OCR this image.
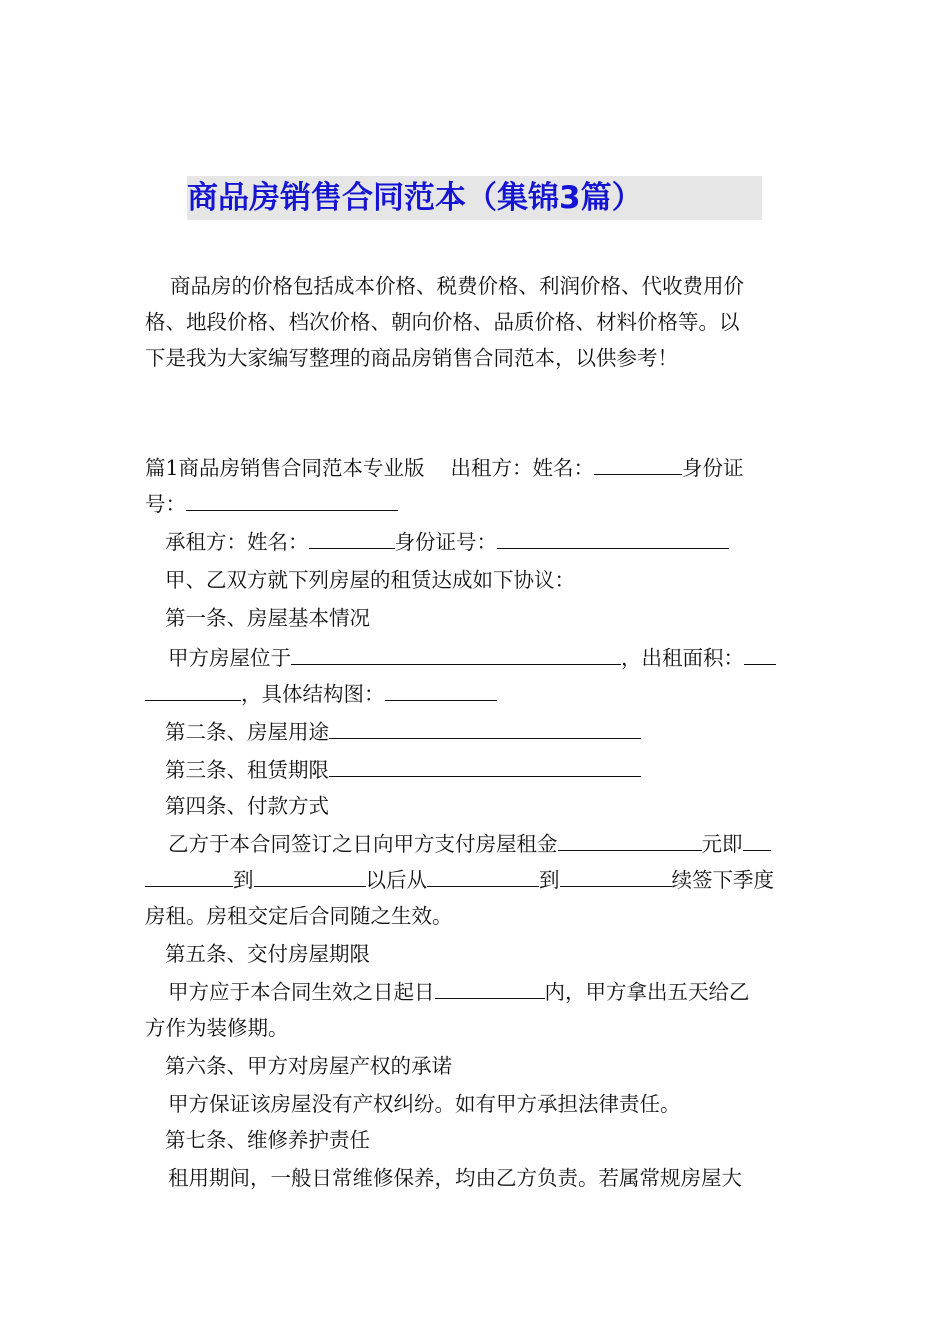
商品房销售合同范本（集锦3篇）
商品房的价格包括成本价格、税费价格、利润价格、代收费用价
格、地段价格、档次价格、朝向价格、品质价格、材料价格等。以
下是我为大家编写整理的商品房销售合同范本，以供参考！
篇1商品房销售合同范本专业版 出租方：姓名：	身份证
号：
承租方：姓名：	身份证号：
甲、乙双方就下列房屋的租赁达成如下协议：
第一条、房屋基本情况
甲方房屋位于	，出租面积：
，具体结构图：
第二条、房屋用途
第三条、租赁期限
第四条、付款方式
乙方于本合同签订之日向甲方支付房屋租金	元即
到	以后从	到	续签下季度
房租。房租交定后合同随之生效。
第五条、交付房屋期限
甲方应于本合同生效之日起日	内，甲方拿出五天给乙
方作为装修期。
第六条、甲方对房屋产权的承诺
甲方保证该房屋没有产权纠纷。如有甲方承担法律责任。
第七条、维修养护责任
租用期间，一般日常维修保养，均由乙方负责。若属常规房屋大
